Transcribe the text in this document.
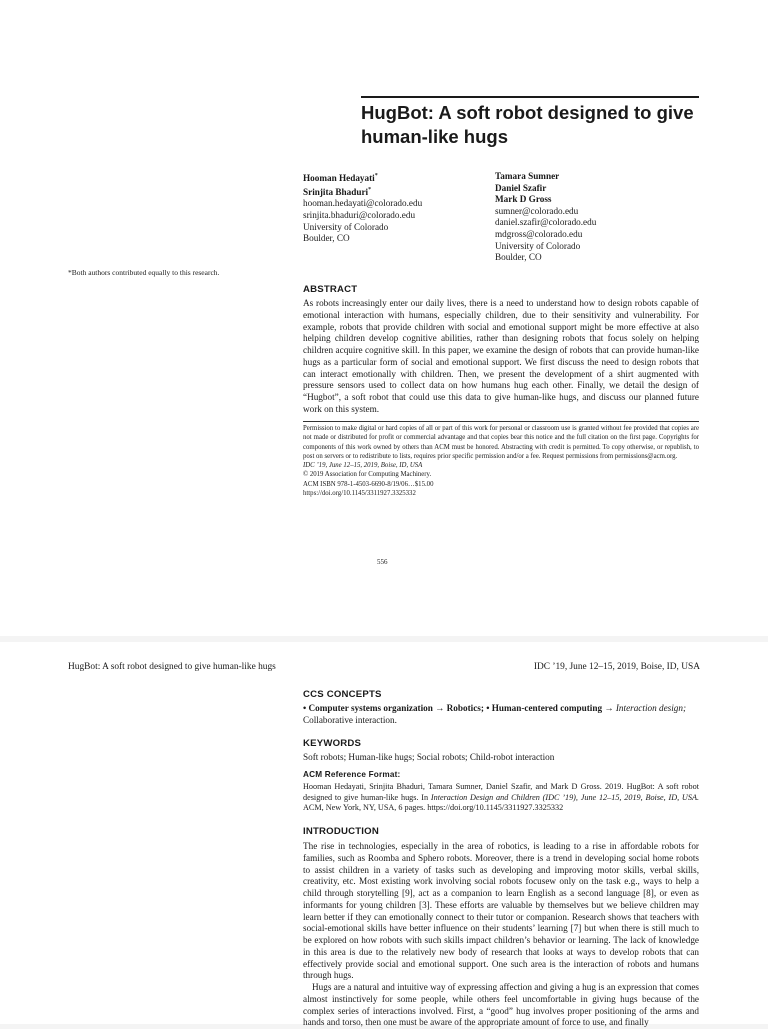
HugBot: A soft robot designed to give human-like hugs
Hooman Hedayati*
Srinjita Bhaduri*
hooman.hedayati@colorado.edu
srinjita.bhaduri@colorado.edu
University of Colorado
Boulder, CO
Tamara Sumner
Daniel Szafir
Mark D Gross
sumner@colorado.edu
daniel.szafir@colorado.edu
mdgross@colorado.edu
University of Colorado
Boulder, CO
*Both authors contributed equally to this research.
ABSTRACT

As robots increasingly enter our daily lives, there is a need to understand how to design robots capable of emotional interaction with humans, especially children, due to their sensitivity and vulnerability. For example, robots that provide children with social and emotional support might be more effective at also helping children develop cognitive abilities, rather than designing robots that focus solely on helping children acquire cognitive skill. In this paper, we examine the design of robots that can provide human-like hugs as a particular form of social and emotional support. We first discuss the need to design robots that can interact emotionally with children. Then, we present the development of a shirt augmented with pressure sensors used to collect data on how humans hug each other. Finally, we detail the design of “Hugbot”, a soft robot that could use this data to give human-like hugs, and discuss our planned future work on this system.

Permission to make digital or hard copies of all or part of this work for personal or classroom use is granted without fee provided that copies are not made or distributed for profit or commercial advantage and that copies bear this notice and the full citation on the first page. Copyrights for components of this work owned by others than ACM must be honored. Abstracting with credit is permitted. To copy otherwise, or republish, to post on servers or to redistribute to lists, requires prior specific permission and/or a fee. Request permissions from permissions@acm.org.
IDC ’19, June 12–15, 2019, Boise, ID, USA
© 2019 Association for Computing Machinery.
ACM ISBN 978-1-4503-6690-8/19/06…$15.00
https://doi.org/10.1145/3311927.3325332
556
HugBot: A soft robot designed to give human-like hugs	IDC ’19, June 12–15, 2019, Boise, ID, USA
CCS CONCEPTS
• Computer systems organization → Robotics; • Human-centered computing → Interaction design; Collaborative interaction.
KEYWORDS
Soft robots; Human-like hugs; Social robots; Child-robot interaction
ACM Reference Format:
Hooman Hedayati, Srinjita Bhaduri, Tamara Sumner, Daniel Szafir, and Mark D Gross. 2019. HugBot: A soft robot designed to give human-like hugs. In Interaction Design and Children (IDC ’19), June 12–15, 2019, Boise, ID, USA. ACM, New York, NY, USA, 6 pages. https://doi.org/10.1145/3311927.3325332
INTRODUCTION

The rise in technologies, especially in the area of robotics, is leading to a rise in affordable robots for families, such as Roomba and Sphero robots. Moreover, there is a trend in developing social home robots to assist children in a variety of tasks such as developing and improving motor skills, verbal skills, creativity, etc. Most existing work involving social robots focusew only on the task e.g., ways to help a child through storytelling [9], act as a companion to learn English as a second language [8], or even as informants for young children [3]. These efforts are valuable by themselves but we believe children may learn better if they can emotionally connect to their tutor or companion. Research shows that teachers with social-emotional skills have better influence on their students’ learning [7] but when there is still much to be explored on how robots with such skills impact children’s behavior or learning. The lack of knowledge in this area is due to the relatively new body of research that looks at ways to develop robots that can effectively provide social and emotional support. One such area is the interaction of robots and humans through hugs.

Hugs are a natural and intuitive way of expressing affection and giving a hug is an expression that comes almost instinctively for some people, while others feel uncomfortable in giving hugs because of the complex series of interactions involved. First, a “good” hug involves proper positioning of the arms and hands and torso, then one must be aware of the appropriate amount of force to use, and finally
